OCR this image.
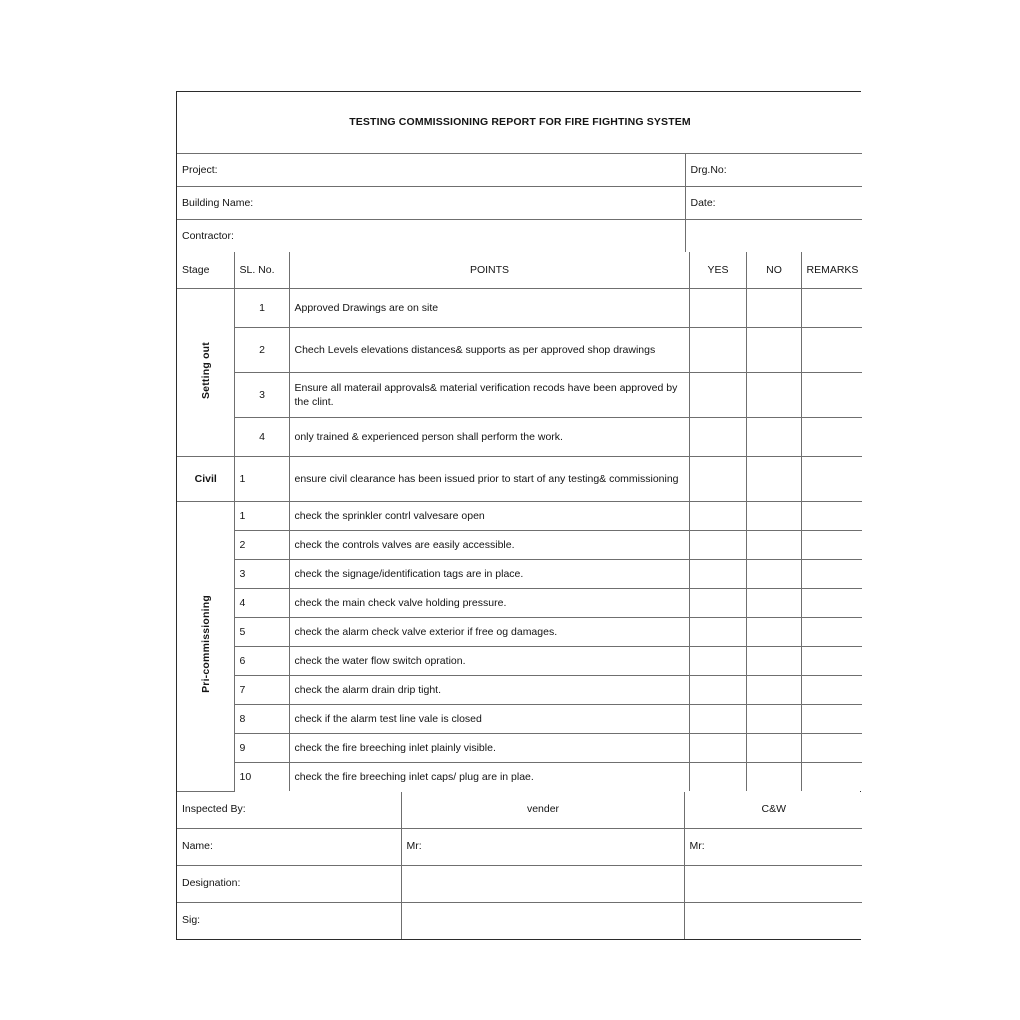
TESTING COMMISSIONING REPORT FOR FIRE FIGHTING SYSTEM	
Project:	Drg.No:
Building Name:	Date:
Contractor:	
Stage	SL. No.	POINTS	YES	NO	REMARKS

Setting out	1	Approved Drawings are on site			
	2	Chech Levels elevations distances& supports as per approved shop drawings			
	3	Ensure all materail approvals& material verification recods have been approved by the clint.			
	4	only trained & experienced person shall perform the work.			
Civil	1	ensure civil clearance has been issued prior to start of any testing& commissioning			

Pri-commissioning	1	check the sprinkler contrl valvesare open			
	2	check the controls valves are easily accessible.			
	3	check the signage/identification tags are in place.			
	4	check the main check valve holding pressure.			
	5	check the alarm check valve exterior if free og damages.			
	6	check the water flow switch opration.			
	7	check the alarm drain drip tight.			
	8	check if the alarm test line vale is closed			
	9	check the fire breeching inlet plainly visible.			
	10	check the fire breeching inlet caps/ plug are in plae.			
Inspected By:	vender	C&W
Name:	Mr:	Mr:
Designation:		
Sig:		
